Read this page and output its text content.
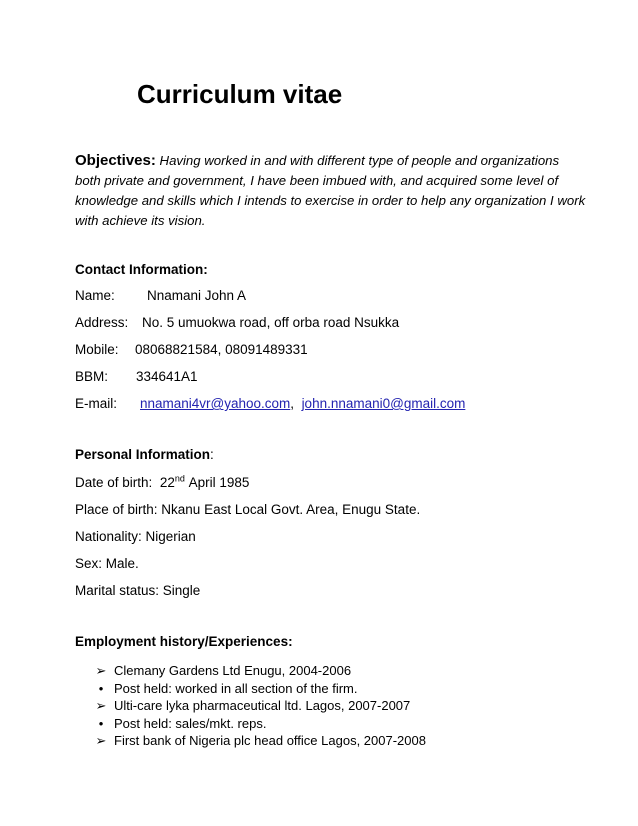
Curriculum vitae
Objectives: Having worked in and with different type of people and organizations
both private and government, I have been imbued with, and acquired some level of
knowledge and skills which I intends to exercise in order to help any organization I work
with achieve its vision.
Contact Information:
Name: Nnamani John A
Address: No. 5 umuokwa road, off orba road Nsukka
Mobile: 08068821584, 08091489331
BBM: 334641A1
E-mail: nnamani4vr@yahoo.com, john.nnamani0@gmail.com
Personal Information:
Date of birth: 22nd April 1985
Place of birth: Nkanu East Local Govt. Area, Enugu State.
Nationality: Nigerian
Sex: Male.
Marital status: Single
Employment history/Experiences:
➢ Clemany Gardens Ltd Enugu, 2004-2006
• Post held: worked in all section of the firm.
➢ Ulti-care lyka pharmaceutical ltd. Lagos, 2007-2007
• Post held: sales/mkt. reps.
➢ First bank of Nigeria plc head office Lagos, 2007-2008
